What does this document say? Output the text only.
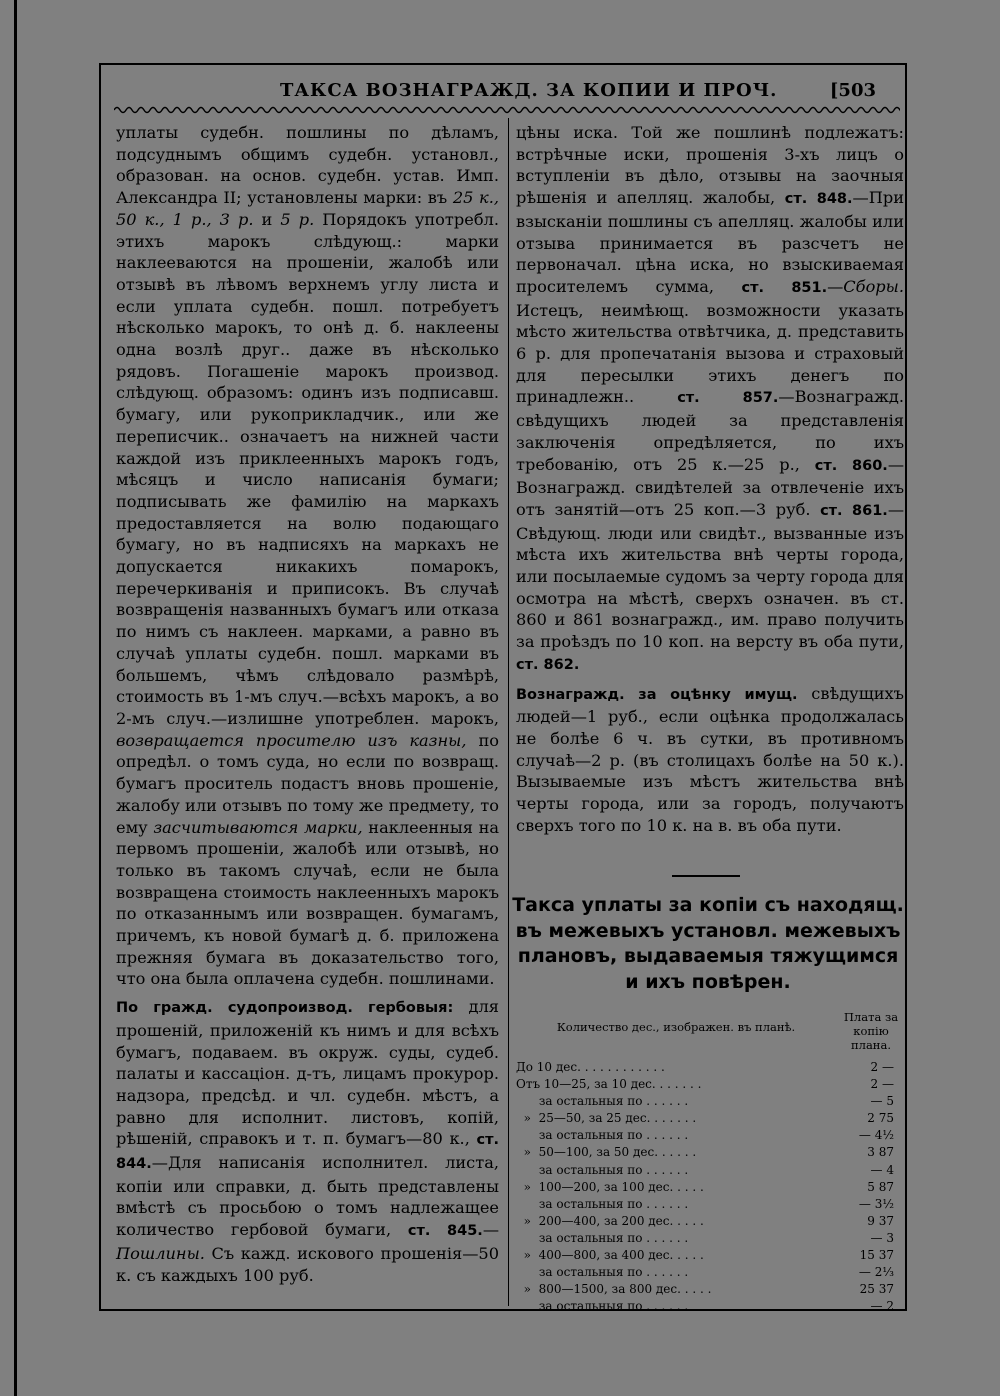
ТАКСА ВОЗНАГРАЖД. ЗА КОПИИ И ПРОЧ.	[503

уплаты судебн. пошлины по дѣламъ, подсуднымъ общимъ судебн. установл., образован. на основ. судебн. устав. Имп. Александра II; установлены марки: въ 25 к., 50 к., 1 р., 3 р. и 5 р. Порядокъ употребл. этихъ марокъ слѣдующ.: марки наклееваются на прошеніи, жалобѣ или отзывѣ въ лѣвомъ верхнемъ углу листа и если уплата судебн. пошл. потребуетъ нѣсколько марокъ, то онѣ д. б. наклеены одна возлѣ друг.. даже въ нѣсколько рядовъ. Погашеніе марокъ производ. слѣдующ. образомъ: одинъ изъ подписавш. бумагу, или рукоприкладчик., или же переписчик.. означаетъ на нижней части каждой изъ приклеенныхъ марокъ годъ, мѣсяцъ и число написанія бумаги; подписывать же фамилію на маркахъ предоставляется на волю подающаго бумагу, но въ надписяхъ на маркахъ не допускается никакихъ помарокъ, перечеркиванія и приписокъ. Въ случаѣ возвращенія названныхъ бумагъ или отказа по нимъ съ наклеен. марками, а равно въ случаѣ уплаты судебн. пошл. марками въ большемъ, чѣмъ слѣдовало размѣрѣ, стоимость въ 1-мъ случ.—всѣхъ марокъ, а во 2-мъ случ.—излишне употреблен. марокъ, возвращается просителю изъ казны, по опредѣл. о томъ суда, но если по возвращ. бумагъ проситель подастъ вновь прошеніе, жалобу или отзывъ по тому же предмету, то ему засчитываются марки, наклеенныя на первомъ прошеніи, жалобѣ или отзывѣ, но только въ такомъ случаѣ, если не была возвращена стоимость наклеенныхъ марокъ по отказаннымъ или возвращен. бумагамъ, причемъ, къ новой бумагѣ д. б. приложена прежняя бумага въ доказательство того, что она была оплачена судебн. пошлинами.

По гражд. судопроизвод. гербовыя: для прошеній, приложеній къ нимъ и для всѣхъ бумагъ, подаваем. въ окруж. суды, судеб. палаты и кассаціон. д-тъ, лицамъ прокурор. надзора, предсѣд. и чл. судебн. мѣстъ, а равно для исполнит. листовъ, копій, рѣшеній, справокъ и т. п. бумагъ—80 к., ст. 844.—Для написанія исполнител. листа, копіи или справки, д. быть представлены вмѣстѣ съ просьбою о томъ надлежащее количество гербовой бумаги, ст. 845.—Пошлины. Съ кажд. искового прошенія—50 к. съ каждыхъ 100 руб.

цѣны иска. Той же пошлинѣ подлежатъ: встрѣчные иски, прошенія 3-хъ лицъ о вступленіи въ дѣло, отзывы на заочныя рѣшенія и апелляц. жалобы, ст. 848.—При взысканіи пошлины съ апелляц. жалобы или отзыва принимается въ разсчетъ не первоначал. цѣна иска, но взыскиваемая просителемъ сумма, ст. 851.—Сборы. Истецъ, неимѣющ. возможности указать мѣсто жительства отвѣтчика, д. представить 6 р. для пропечатанія вызова и страховый для пересылки этихъ денегъ по принадлежн.. ст. 857.—Вознагражд. свѣдущихъ людей за представленія заключенія опредѣляется, по ихъ требованію, отъ 25 к.—25 р., ст. 860.—Вознагражд. свидѣтелей за отвлеченіе ихъ отъ занятій—отъ 25 коп.—3 руб. ст. 861.—Свѣдующ. люди или свидѣт., вызванные изъ мѣста ихъ жительства внѣ черты города, или посылаемые судомъ за черту города для осмотра на мѣстѣ, сверхъ означен. въ ст. 860 и 861 вознагражд., им. право получить за проѣздъ по 10 коп. на версту въ оба пути, ст. 862.

Вознагражд. за оцѣнку имущ. свѣдущихъ людей—1 руб., если оцѣнка продолжалась не болѣе 6 ч. въ сутки, въ противномъ случаѣ—2 р. (въ столицахъ болѣе на 50 к.). Вызываемые изъ мѣстъ жительства внѣ черты города, или за городъ, получаютъ сверхъ того по 10 к. на в. въ оба пути.

Такса уплаты за копіи съ находящ.
въ межевыхъ установл. межевыхъ
плановъ, выдаваемыя тяжущимся
и ихъ повѣрен.
Количество дес., изображен. въ планѣ.
Плата за копію плана.
До 10 дес. . . . . . . . . . . .	2 —
Отъ 10—25, за 10 дес. . . . . . .	2 —
за остальныя по . . . . . .	— 5
»  25—50, за 25 дес. . . . . . .	2 75
за остальныя по . . . . . .	— 4½
»  50—100, за 50 дес. . . . . .	3 87
за остальныя по . . . . . .	— 4
»  100—200, за 100 дес. . . . .	5 87
за остальныя по . . . . . .	— 3½
»  200—400, за 200 дес. . . . .	9 37
за остальныя по . . . . . .	— 3
»  400—800, за 400 дес. . . . .	15 37
за остальныя по . . . . . .	— 2⅓
»  800—1500, за 800 дес. . . . .	25 37
за остальныя по . . . . . .	— 2
